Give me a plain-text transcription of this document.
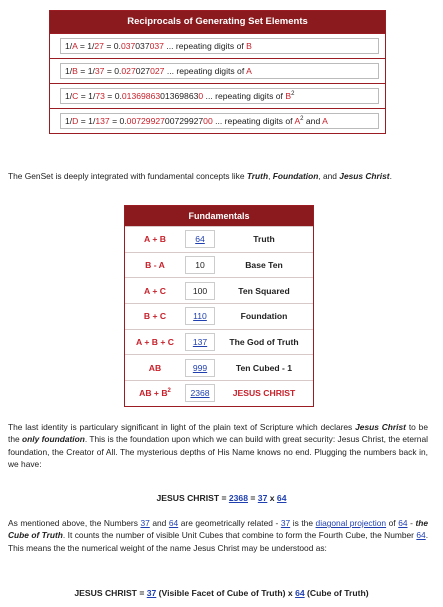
Reciprocals of Generating Set Elements
1/A = 1/27 = 0.037037037 ... repeating digits of B
1/B = 1/37 = 0.027027027 ... repeating digits of A
1/C = 1/73 = 0.01369863013698630 ... repeating digits of $B^2$
1/D = 1/137 = 0.007299270072992700 ... repeating digits of $A^2$ and A

The GenSet is deeply integrated with fundamental concepts like Truth, Foundation, and Jesus Christ.

Fundamentals
A + B	64	Truth
B - A	10	Base Ten
A + C	100	Ten Squared
B + C	110	Foundation
A + B + C	137	The God of Truth
AB	999	Ten Cubed - 1
AB + $B^2$	2368	JESUS CHRIST

The last identity is particulary significant in light of the plain text of Scripture which declares Jesus Christ to be the only foundation. This is the foundation upon which we can build with great security: Jesus Christ, the eternal foundation, the Creator of All. The mysterious depths of His Name knows no end. Plugging the numbers back in, we have:

JESUS CHRIST = 2368 = 37 x 64

As mentioned above, the Numbers 37 and 64 are geometrically related - 37 is the diagonal projection of 64 - the Cube of Truth. It counts the number of visible Unit Cubes that combine to form the Fourth Cube, the Number 64. This means the the numerical weight of the name Jesus Christ may be understood as:

JESUS CHRIST = 37 (Visible Facet of Cube of Truth) x 64 (Cube of Truth)
